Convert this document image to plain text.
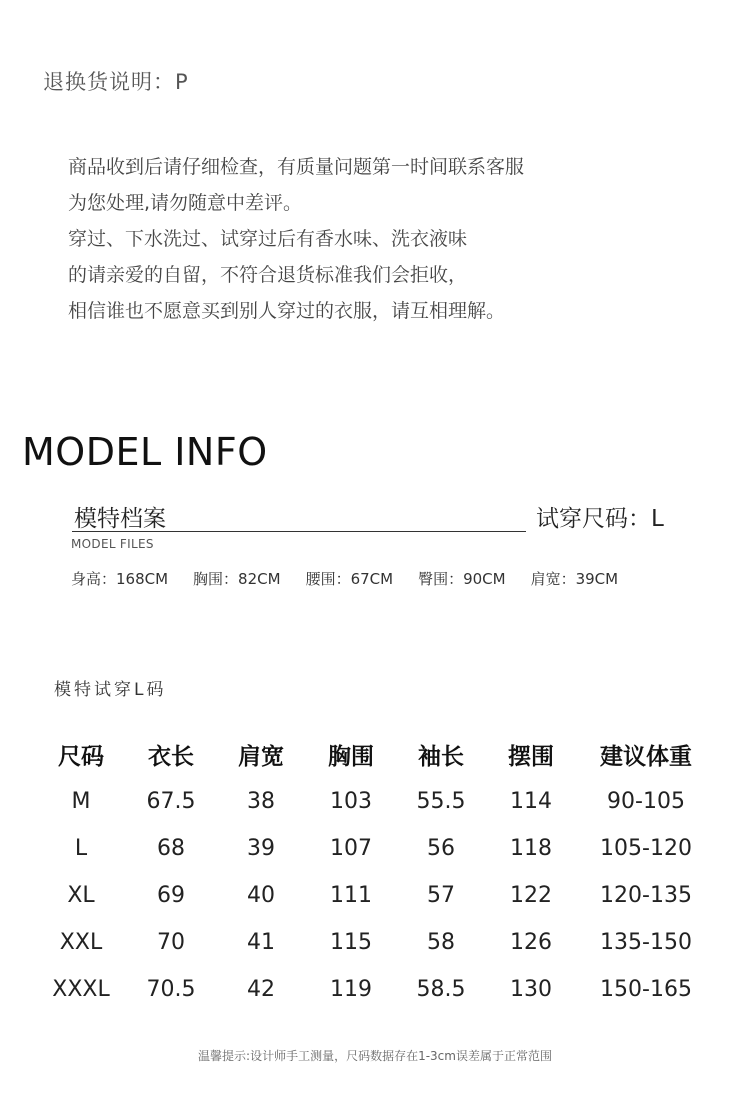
退换货说明：P
商品收到后请仔细检查，有质量问题第一时间联系客服
为您处理,请勿随意中差评。
穿过、下水洗过、试穿过后有香水味、洗衣液味
的请亲爱的自留，不符合退货标准我们会拒收，
相信谁也不愿意买到别人穿过的衣服，请互相理解。
MODEL INFO
模特档案	试穿尺码：L
MODEL FILES
身高：168CM 胸围：82CM 腰围：67CM 臀围：90CM 肩宽：39CM
模特试穿L码
尺码	衣长	肩宽	胸围	袖长	摆围	建议体重
M	67.5	38	103	55.5	114	90-105
L	68	39	107	56	118	105-120
XL	69	40	111	57	122	120-135
XXL	70	41	115	58	126	135-150
XXXL	70.5	42	119	58.5	130	150-165
温馨提示:设计师手工测量，尺码数据存在1-3cm误差属于正常范围
